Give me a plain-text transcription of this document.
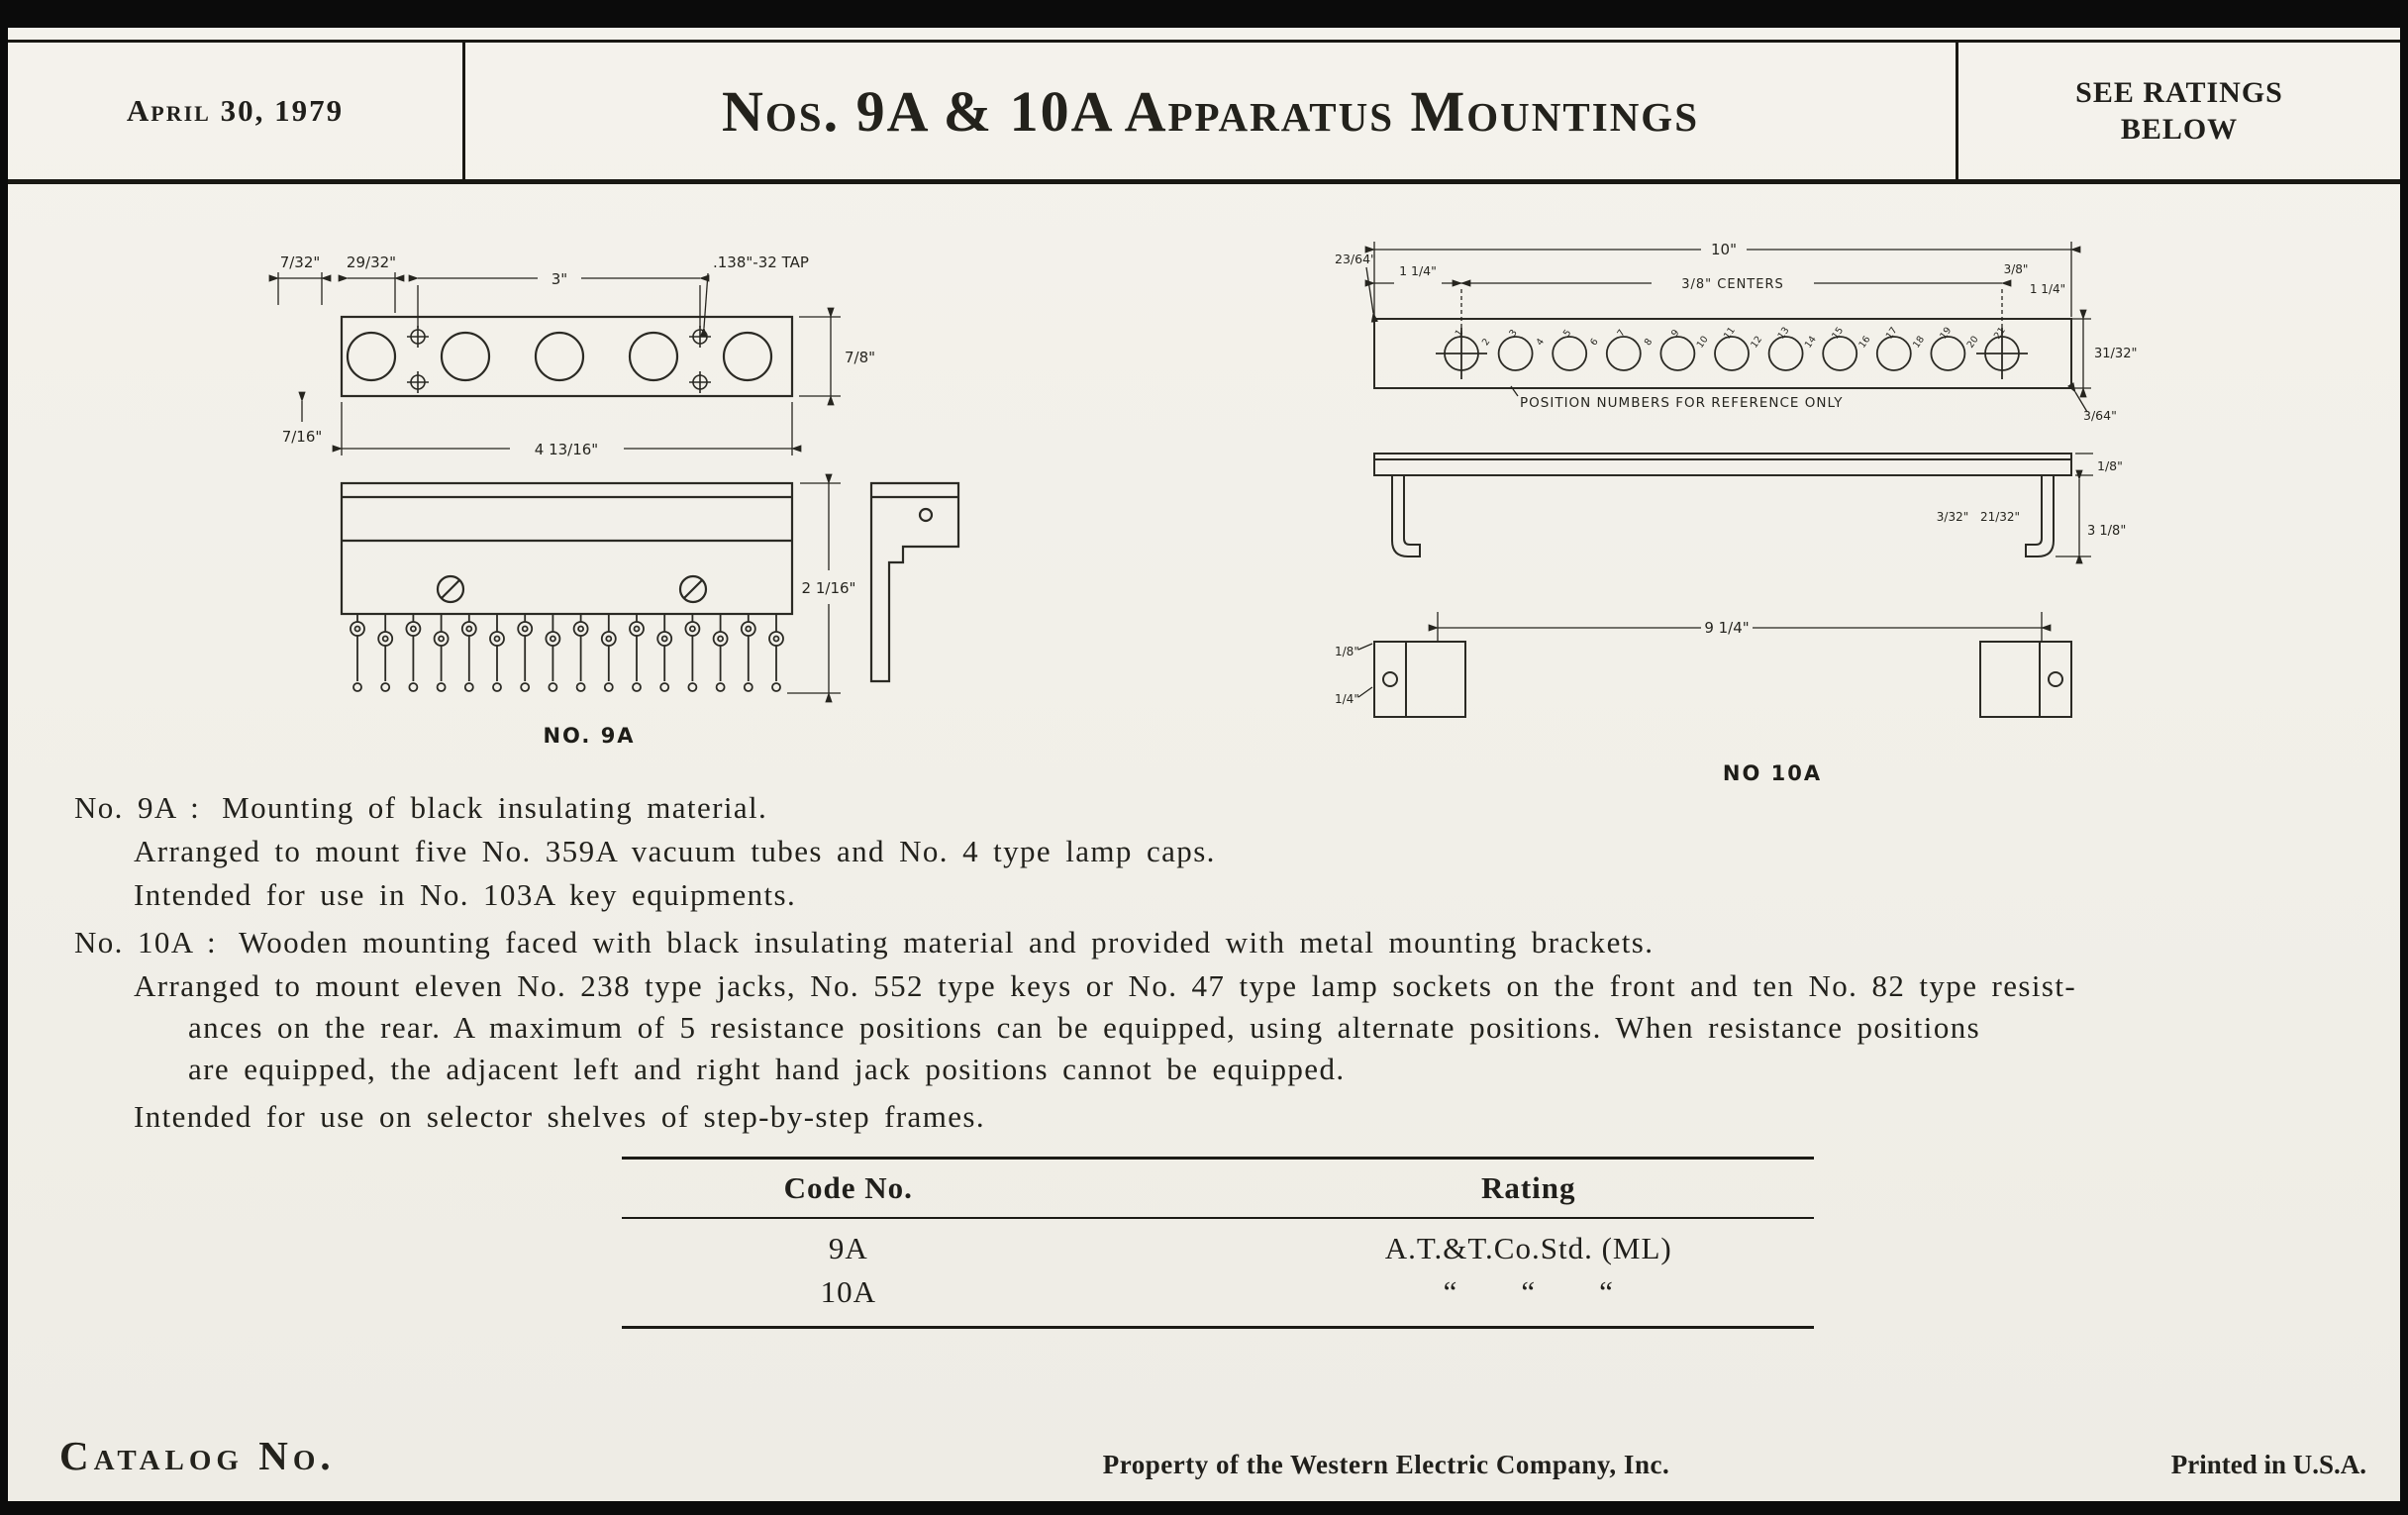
April 30, 1979	Nos. 9A & 10A Apparatus Mountings	SEE RATINGS
BELOW
7/32" 29/32"
3"
.138"-32 TAP
7/8"
7/16"
4 13/16"
2 1/16"
NO. 9A
1
2
3
4
5
6
7
8
9
10
11
12
13
14
15
16
17
18
19
20
21
10"
3/8" CENTERS
1 1/4"	3/8"
1 1/4"
31/32"
23/64"
3/64"
1/8"
3/32" 21/32"
3 1/8"
9 1/4"
1/8"
1/4"
POSITION NUMBERS FOR REFERENCE ONLY
NO 10A
No. 9A : Mounting of black insulating material.
Arranged to mount five No. 359A vacuum tubes and No. 4 type lamp caps.
Intended for use in No. 103A key equipments.
No. 10A : Wooden mounting faced with black insulating material and provided with metal mounting brackets.
Arranged to mount eleven No. 238 type jacks, No. 552 type keys or No. 47 type lamp sockets on the front and ten No. 82 type resist-
ances on the rear. A maximum of 5 resistance positions can be equipped, using alternate positions. When resistance positions
are equipped, the adjacent left and right hand jack positions cannot be equipped.
Intended for use on selector shelves of step-by-step frames.
Code No.	Rating
9A	A.T.&T.Co.Std. (ML)
10A	“  “  “
Catalog No.	Property of the Western Electric Company, Inc.	Printed in U.S.A.
